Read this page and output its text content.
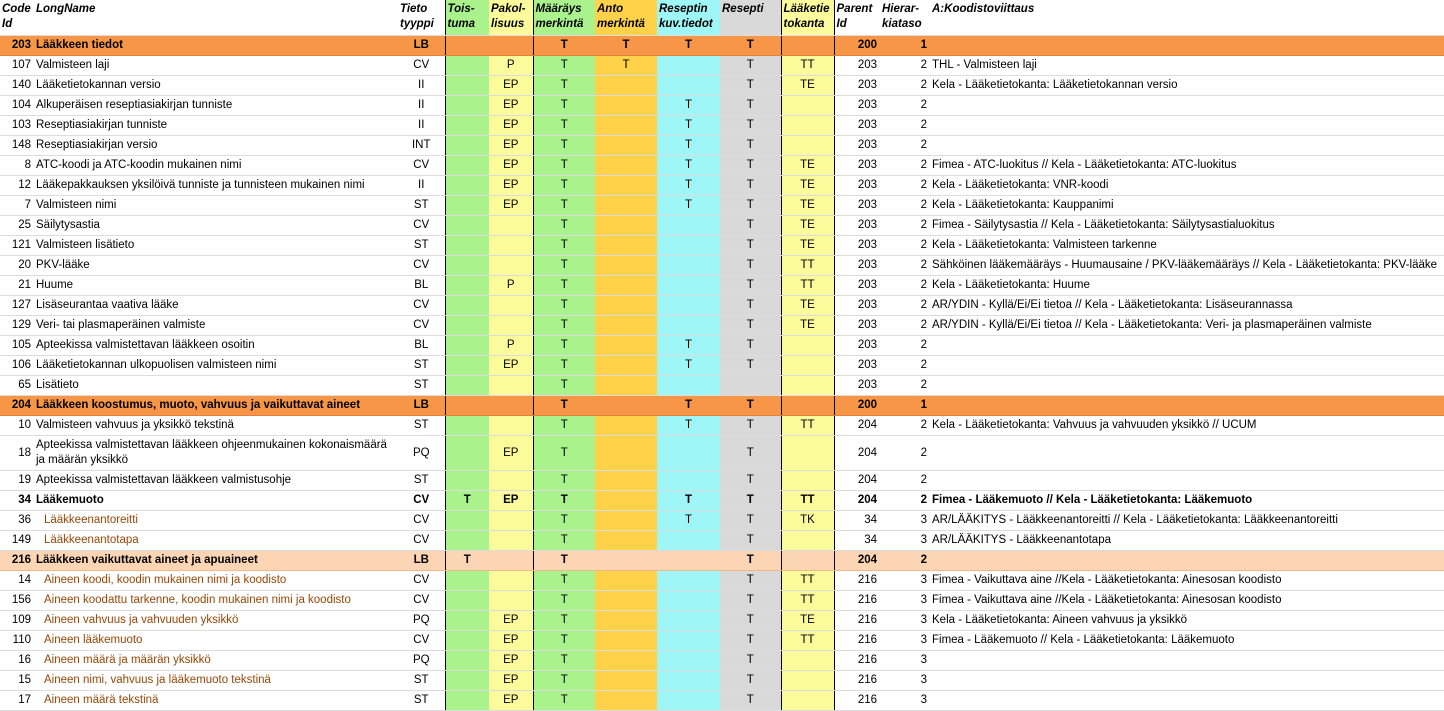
Code Id	LongName	Tieto tyyppi	Tois- tuma	Pakol- lisuus	Määräys merkintä	Anto merkintä	Reseptin kuv.tiedot	Resepti	Lääketie tokanta	Parent Id	Hierar- kiataso	A:Koodistoviittaus
203	Lääkkeen tiedot	LB			T	T	T	T		200	1	
107	Valmisteen laji	CV		P	T	T		T	TT	203	2	THL - Valmisteen laji
140	Lääketietokannan versio	II		EP	T			T	TE	203	2	Kela - Lääketietokanta: Lääketietokannan versio
104	Alkuperäisen reseptiasiakirjan tunniste	II		EP	T		T	T		203	2	
103	Reseptiasiakirjan tunniste	II		EP	T		T	T		203	2	
148	Reseptiasiakirjan versio	INT		EP	T		T	T		203	2	
8	ATC-koodi ja ATC-koodin mukainen nimi	CV		EP	T		T	T	TE	203	2	Fimea - ATC-luokitus // Kela - Lääketietokanta: ATC-luokitus
12	Lääkepakkauksen yksilöivä tunniste ja tunnisteen mukainen nimi	II		EP	T		T	T	TE	203	2	Kela - Lääketietokanta: VNR-koodi
7	Valmisteen nimi	ST		EP	T		T	T	TE	203	2	Kela - Lääketietokanta: Kauppanimi
25	Säilytysastia	CV			T			T	TE	203	2	Fimea - Säilytysastia // Kela - Lääketietokanta: Säilytysastialuokitus
121	Valmisteen lisätieto	ST			T			T	TE	203	2	Kela - Lääketietokanta: Valmisteen tarkenne
20	PKV-lääke	CV			T			T	TT	203	2	Sähköinen lääkemääräys - Huumausaine / PKV-lääkemääräys // Kela - Lääketietokanta: PKV-lääke
21	Huume	BL		P	T			T	TT	203	2	Kela - Lääketietokanta: Huume
127	Lisäseurantaa vaativa lääke	CV			T			T	TE	203	2	AR/YDIN - Kyllä/Ei/Ei tietoa // Kela - Lääketietokanta: Lisäseurannassa
129	Veri- tai plasmaperäinen valmiste	CV			T			T	TE	203	2	AR/YDIN - Kyllä/Ei/Ei tietoa // Kela - Lääketietokanta: Veri- ja plasmaperäinen valmiste
105	Apteekissa valmistettavan lääkkeen osoitin	BL		P	T		T	T		203	2	
106	Lääketietokannan ulkopuolisen valmisteen nimi	ST		EP	T		T	T		203	2	
65	Lisätieto	ST			T					203	2	
204	Lääkkeen koostumus, muoto, vahvuus ja vaikuttavat aineet	LB			T		T	T		200	1	
10	Valmisteen vahvuus ja yksikkö tekstinä	ST			T		T	T	TT	204	2	Kela - Lääketietokanta: Vahvuus ja vahvuuden yksikkö // UCUM
18	Apteekissa valmistettavan lääkkeen ohjeenmukainen kokonaismäärä ja määrän yksikkö	PQ		EP	T			T		204	2	
19	Apteekissa valmistettavan lääkkeen valmistusohje	ST			T			T		204	2	
34	Lääkemuoto	CV	T	EP	T		T	T	TT	204	2	Fimea - Lääkemuoto // Kela - Lääketietokanta: Lääkemuoto
36	Lääkkeenantoreitti	CV			T		T	T	TK	34	3	AR/LÄÄKITYS - Lääkkeenantoreitti // Kela - Lääketietokanta: Lääkkeenantoreitti
149	Lääkkeenantotapa	CV			T			T		34	3	AR/LÄÄKITYS - Lääkkeenantotapa
216	Lääkkeen vaikuttavat aineet ja apuaineet	LB	T		T			T		204	2	
14	Aineen koodi, koodin mukainen nimi ja koodisto	CV			T			T	TT	216	3	Fimea - Vaikuttava aine //Kela - Lääketietokanta: Ainesosan koodisto
156	Aineen koodattu tarkenne, koodin mukainen nimi ja koodisto	CV			T			T	TT	216	3	Fimea - Vaikuttava aine //Kela - Lääketietokanta: Ainesosan koodisto
109	Aineen vahvuus ja vahvuuden yksikkö	PQ		EP	T			T	TE	216	3	Kela - Lääketietokanta: Aineen vahvuus ja yksikkö
110	Aineen lääkemuoto	CV		EP	T			T	TT	216	3	Fimea - Lääkemuoto // Kela - Lääketietokanta: Lääkemuoto
16	Aineen määrä ja määrän yksikkö	PQ		EP	T			T		216	3	
15	Aineen nimi, vahvuus ja lääkemuoto tekstinä	ST		EP	T			T		216	3	
17	Aineen määrä tekstinä	ST		EP	T			T		216	3	
